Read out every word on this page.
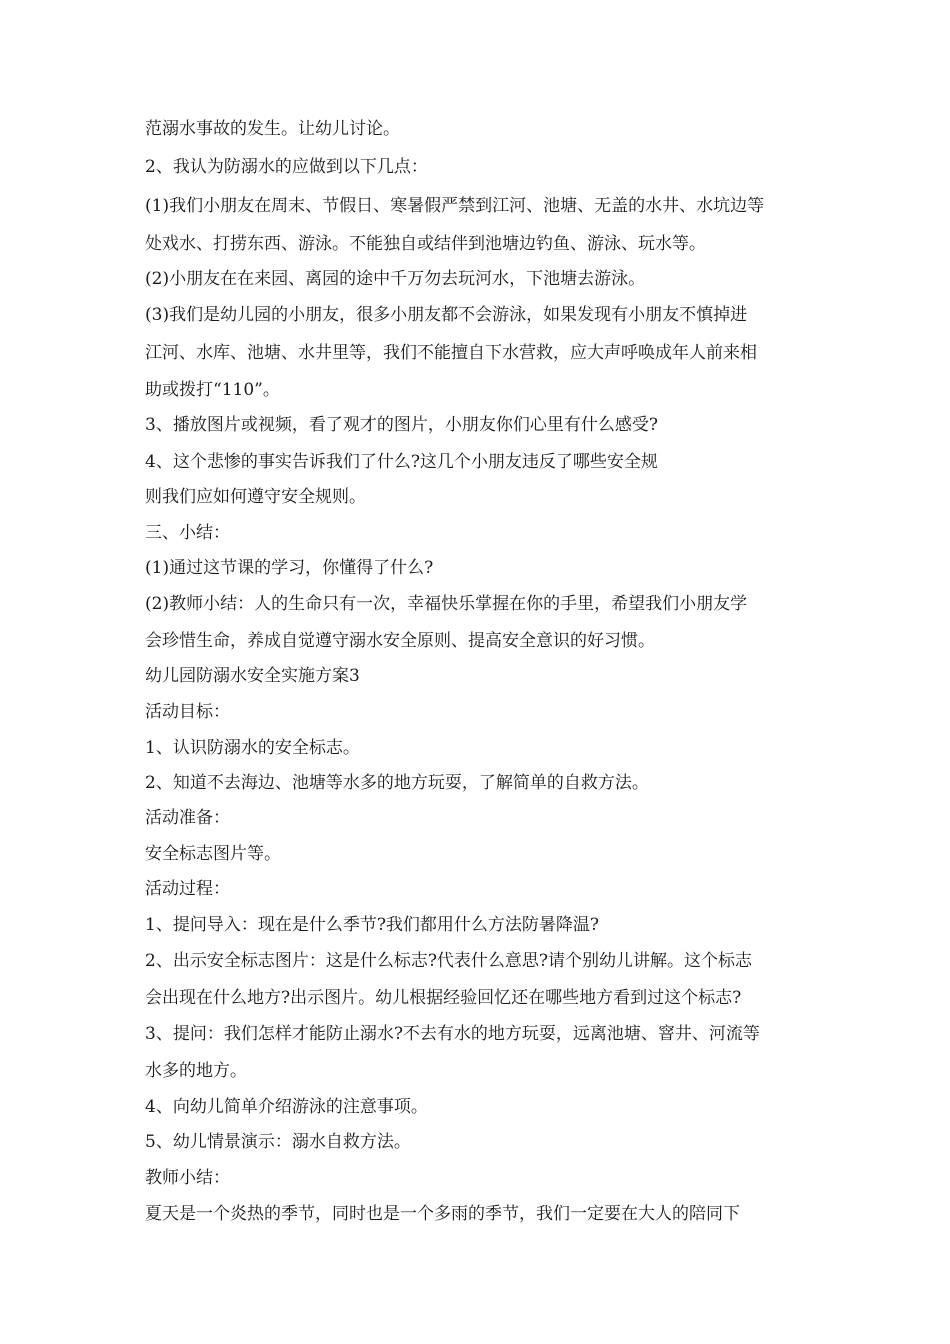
范溺水事故的发生。让幼儿讨论。
2、我认为防溺水的应做到以下几点：
(1)我们小朋友在周末、节假日、寒暑假严禁到江河、池塘、无盖的水井、水坑边等
处戏水、打捞东西、游泳。不能独自或结伴到池塘边钓鱼、游泳、玩水等。
(2)小朋友在在来园、离园的途中千万勿去玩河水，下池塘去游泳。
(3)我们是幼儿园的小朋友，很多小朋友都不会游泳，如果发现有小朋友不慎掉进
江河、水库、池塘、水井里等，我们不能擅自下水营救，应大声呼唤成年人前来相
助或拨打“110”。
3、播放图片或视频，看了观才的图片，小朋友你们心里有什么感受?
4、这个悲惨的事实告诉我们了什么?这几个小朋友违反了哪些安全规
则我们应如何遵守安全规则。
三、小结：
(1)通过这节课的学习，你懂得了什么?
(2)教师小结：人的生命只有一次，幸福快乐掌握在你的手里，希望我们小朋友学
会珍惜生命，养成自觉遵守溺水安全原则、提高安全意识的好习惯。
幼儿园防溺水安全实施方案3
活动目标：
1、认识防溺水的安全标志。
2、知道不去海边、池塘等水多的地方玩耍，了解简单的自救方法。
活动准备：
安全标志图片等。
活动过程：
1、提问导入：现在是什么季节?我们都用什么方法防暑降温?
2、出示安全标志图片：这是什么标志?代表什么意思?请个别幼儿讲解。这个标志
会出现在什么地方?出示图片。幼儿根据经验回忆还在哪些地方看到过这个标志?
3、提问：我们怎样才能防止溺水?不去有水的地方玩耍，远离池塘、窨井、河流等
水多的地方。
4、向幼儿简单介绍游泳的注意事项。
5、幼儿情景演示：溺水自救方法。
教师小结：
夏天是一个炎热的季节，同时也是一个多雨的季节，我们一定要在大人的陪同下
